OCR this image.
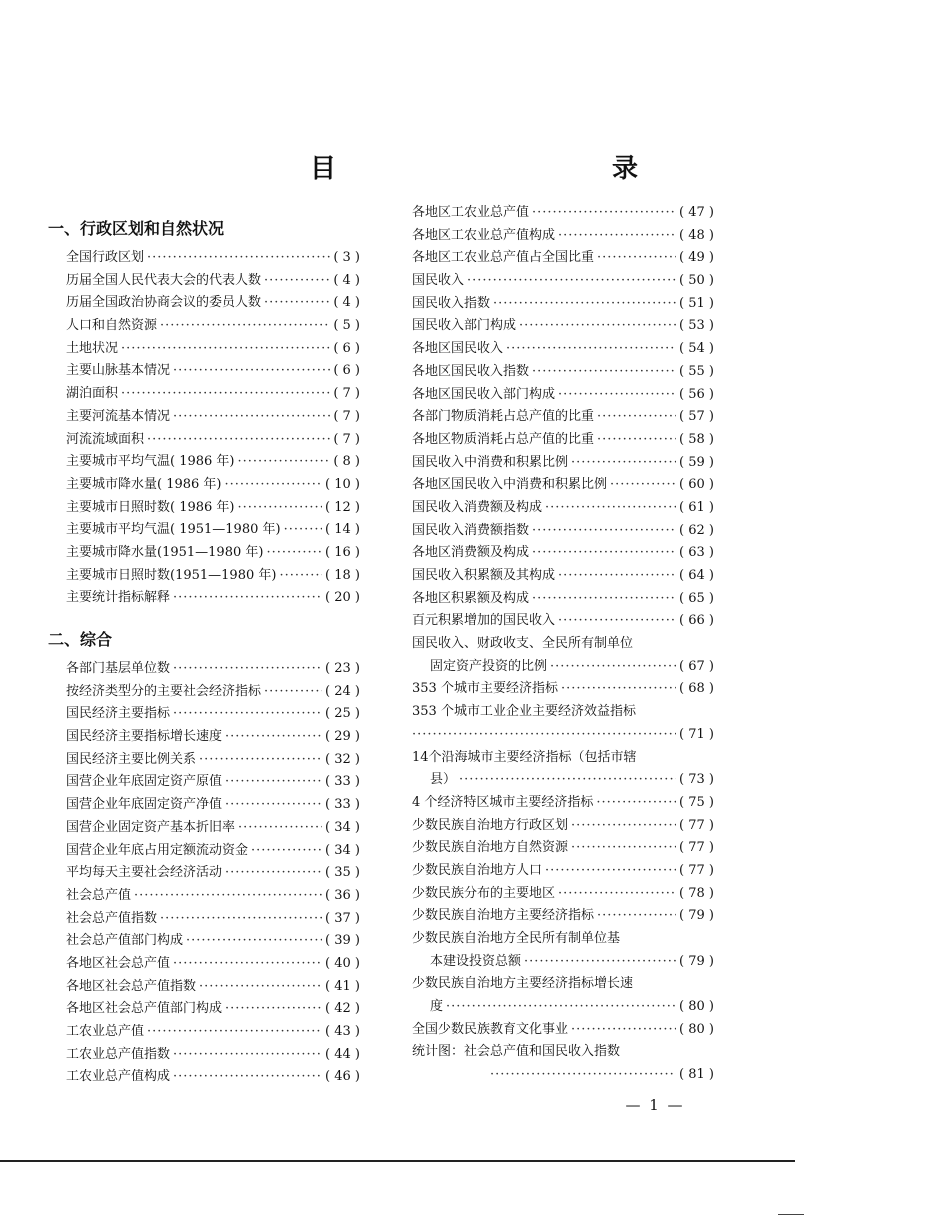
目	录
一、行政区划和自然状况
全国行政区划 ·····	( 3 )
历届全国人民代表大会的代表人数 ·····	( 4 )
历届全国政治协商会议的委员人数 ·····	( 4 )
人口和自然资源 ·····	( 5 )
土地状况 ·····	( 6 )
主要山脉基本情况 ·····	( 6 )
湖泊面积 ·····	( 7 )
主要河流基本情况 ·····	( 7 )
河流流域面积 ·····	( 7 )
主要城市平均气温( 1986 年) ·····	( 8 )
主要城市降水量( 1986 年) ·····	( 10 )
主要城市日照时数( 1986 年) ·····	( 12 )
主要城市平均气温( 1951—1980 年) ·····	( 14 )
主要城市降水量(1951—1980 年) ·····	( 16 )
主要城市日照时数(1951—1980 年) ·····	( 18 )
主要统计指标解释 ·····	( 20 )
二、综合
各部门基层单位数 ·····	( 23 )
按经济类型分的主要社会经济指标 ·····	( 24 )
国民经济主要指标 ·····	( 25 )
国民经济主要指标增长速度 ·····	( 29 )
国民经济主要比例关系 ·····	( 32 )
国营企业年底固定资产原值 ·····	( 33 )
国营企业年底固定资产净值 ·····	( 33 )
国营企业固定资产基本折旧率 ·····	( 34 )
国营企业年底占用定额流动资金 ·····	( 34 )
平均每天主要社会经济活动 ·····	( 35 )
社会总产值 ·····	( 36 )
社会总产值指数 ·····	( 37 )
社会总产值部门构成 ·····	( 39 )
各地区社会总产值 ·····	( 40 )
各地区社会总产值指数 ·····	( 41 )
各地区社会总产值部门构成 ·····	( 42 )
工农业总产值 ·····	( 43 )
工农业总产值指数 ·····	( 44 )
工农业总产值构成 ·····	( 46 )
各地区工农业总产值 ·····	( 47 )
各地区工农业总产值构成 ·····	( 48 )
各地区工农业总产值占全国比重 ·····	( 49 )
国民收入 ·····	( 50 )
国民收入指数 ·····	( 51 )
国民收入部门构成 ·····	( 53 )
各地区国民收入 ·····	( 54 )
各地区国民收入指数 ·····	( 55 )
各地区国民收入部门构成 ·····	( 56 )
各部门物质消耗占总产值的比重 ·····	( 57 )
各地区物质消耗占总产值的比重 ·····	( 58 )
国民收入中消费和积累比例 ·····	( 59 )
各地区国民收入中消费和积累比例 ·····	( 60 )
国民收入消费额及构成 ·····	( 61 )
国民收入消费额指数 ·····	( 62 )
各地区消费额及构成 ·····	( 63 )
国民收入积累额及其构成 ·····	( 64 )
各地区积累额及构成 ·····	( 65 )
百元积累增加的国民收入 ·····	( 66 )
国民收入、财政收支、全民所有制单位
固定资产投资的比例 ·····	( 67 )
353 个城市主要经济指标 ·····	( 68 )
353 个城市工业企业主要经济效益指标
·····
( 71 )
14个沿海城市主要经济指标（包括市辖
县） ·····	( 73 )
4 个经济特区城市主要经济指标 ·····	( 75 )
少数民族自治地方行政区划 ·····	( 77 )
少数民族自治地方自然资源 ·····	( 77 )
少数民族自治地方人口 ·····	( 77 )
少数民族分布的主要地区 ·····	( 78 )
少数民族自治地方主要经济指标 ·····	( 79 )
少数民族自治地方全民所有制单位基
本建设投资总额 ·····	( 79 )
少数民族自治地方主要经济指标增长速
度 ·····	( 80 )
全国少数民族教育文化事业 ·····	( 80 )
统计图：社会总产值和国民收入指数
·····
( 81 )
— 1 —
